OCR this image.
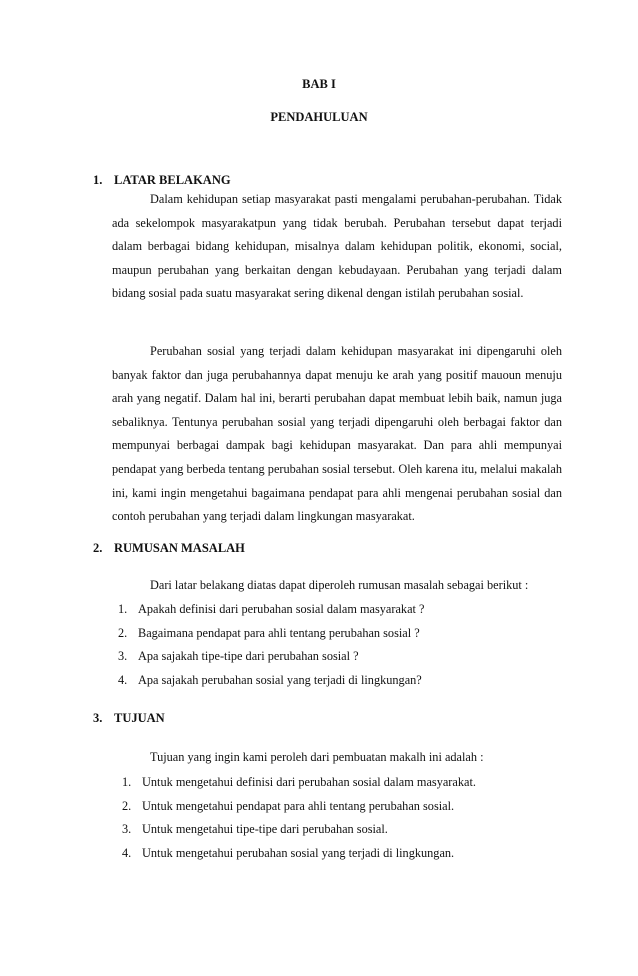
BAB I
PENDAHULUAN
1. LATAR BELAKANG

Dalam kehidupan setiap masyarakat pasti mengalami perubahan-perubahan. Tidak ada sekelompok masyarakatpun yang tidak berubah. Perubahan tersebut dapat terjadi dalam berbagai bidang kehidupan, misalnya dalam kehidupan politik, ekonomi, social, maupun perubahan yang berkaitan dengan kebudayaan. Perubahan yang terjadi dalam bidang sosial pada suatu masyarakat sering dikenal dengan istilah perubahan sosial.

Perubahan sosial yang terjadi dalam kehidupan masyarakat ini dipengaruhi oleh banyak faktor dan juga perubahannya dapat menuju ke arah yang positif mauoun menuju arah yang negatif. Dalam hal ini, berarti perubahan dapat membuat lebih baik, namun juga sebaliknya. Tentunya perubahan sosial yang terjadi dipengaruhi oleh berbagai faktor dan mempunyai berbagai dampak bagi kehidupan masyarakat. Dan para ahli mempunyai pendapat yang berbeda tentang perubahan sosial tersebut. Oleh karena itu, melalui makalah ini, kami ingin mengetahui bagaimana pendapat para ahli mengenai perubahan sosial dan contoh perubahan yang terjadi dalam lingkungan masyarakat.

2. RUMUSAN MASALAH
Dari latar belakang diatas dapat diperoleh rumusan masalah sebagai berikut :
1. Apakah definisi dari perubahan sosial dalam masyarakat ?
2. Bagaimana pendapat para ahli tentang perubahan sosial ?
3. Apa sajakah tipe-tipe dari perubahan sosial ?
4. Apa sajakah perubahan sosial yang terjadi di lingkungan?
3. TUJUAN
Tujuan yang ingin kami peroleh dari pembuatan makalh ini adalah :
1. Untuk mengetahui definisi dari perubahan sosial dalam masyarakat.
2. Untuk mengetahui pendapat para ahli tentang perubahan sosial.
3. Untuk mengetahui tipe-tipe dari perubahan sosial.
4. Untuk mengetahui perubahan sosial yang terjadi di lingkungan.
